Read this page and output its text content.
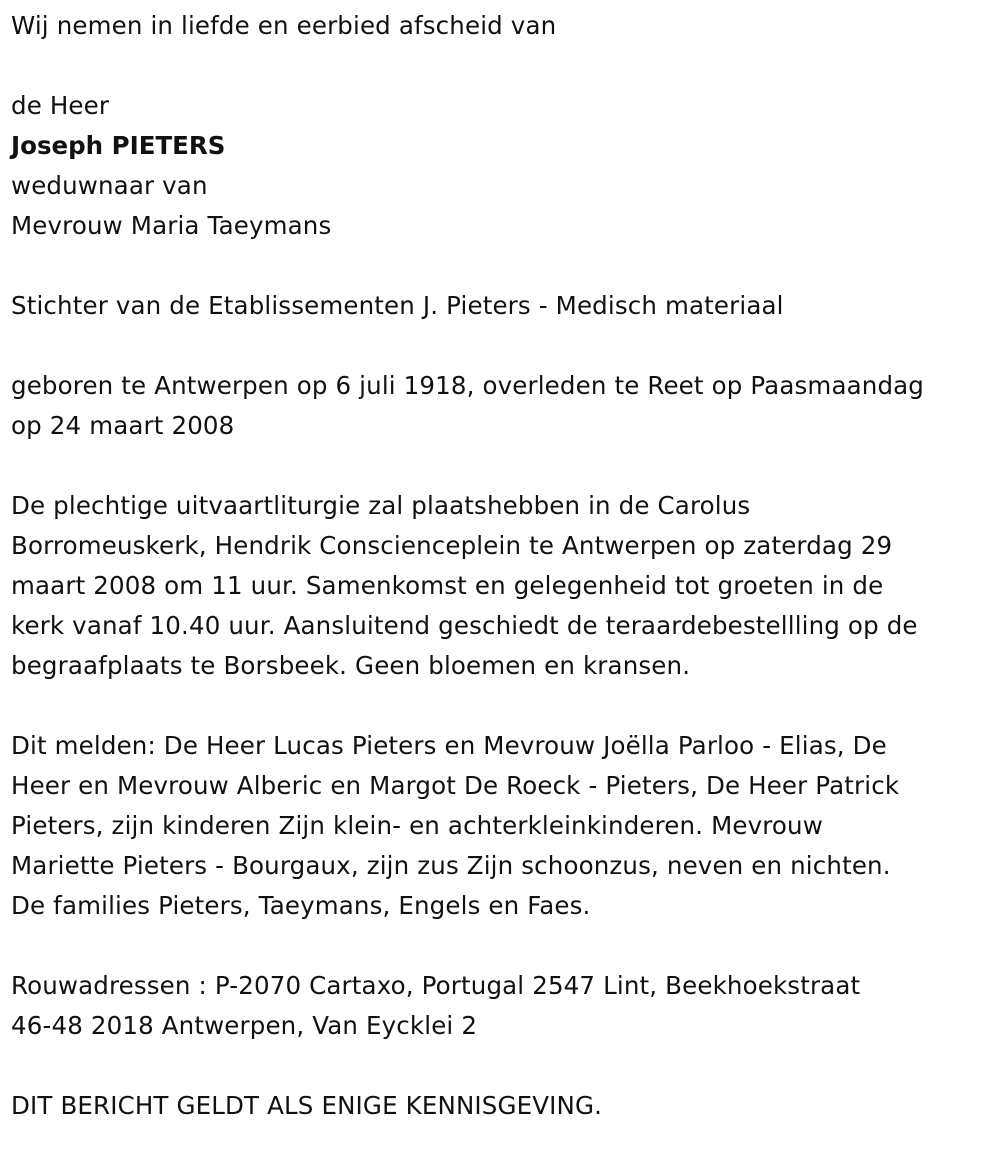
Wij nemen in liefde en eerbied afscheid van

de Heer

Joseph PIETERS

weduwnaar van

Mevrouw Maria Taeymans

Stichter van de Etablissementen J. Pieters - Medisch materiaal

geboren te Antwerpen op 6 juli 1918, overleden te Reet op Paasmaandag

op 24 maart 2008

De plechtige uitvaartliturgie zal plaatshebben in de Carolus

Borromeuskerk, Hendrik Conscienceplein te Antwerpen op zaterdag 29

maart 2008 om 11 uur. Samenkomst en gelegenheid tot groeten in de

kerk vanaf 10.40 uur. Aansluitend geschiedt de teraardebestellling op de

begraafplaats te Borsbeek. Geen bloemen en kransen.

Dit melden: De Heer Lucas Pieters en Mevrouw Joëlla Parloo - Elias, De

Heer en Mevrouw Alberic en Margot De Roeck - Pieters, De Heer Patrick

Pieters, zijn kinderen Zijn klein- en achterkleinkinderen. Mevrouw

Mariette Pieters - Bourgaux, zijn zus Zijn schoonzus, neven en nichten.

De families Pieters, Taeymans, Engels en Faes.

Rouwadressen : P-2070 Cartaxo, Portugal 2547 Lint, Beekhoekstraat

46-48 2018 Antwerpen, Van Eycklei 2

DIT BERICHT GELDT ALS ENIGE KENNISGEVING.
